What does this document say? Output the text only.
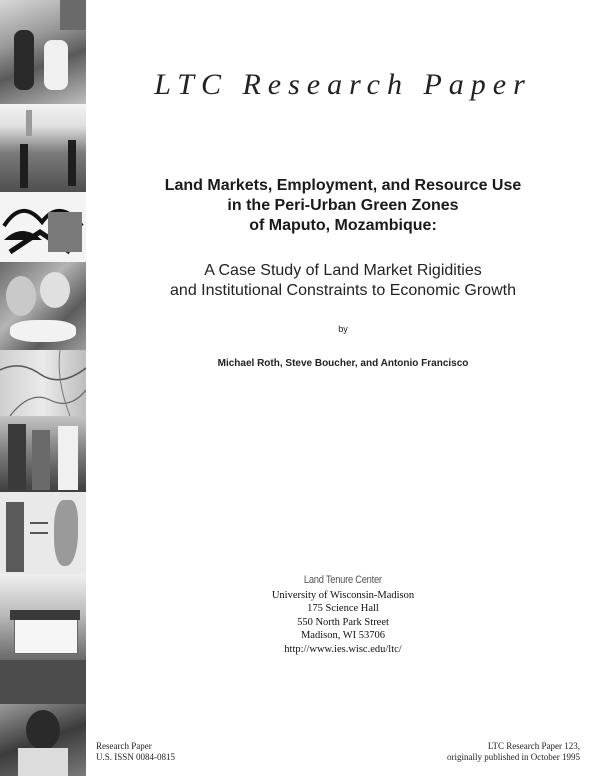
LTC Research Paper
Land Markets, Employment, and Resource Use
in the Peri-Urban Green Zones
of Maputo, Mozambique:
A Case Study of Land Market Rigidities
and Institutional Constraints to Economic Growth
by
Michael Roth, Steve Boucher, and Antonio Francisco
Land Tenure Center
University of Wisconsin-Madison
175 Science Hall
550 North Park Street
Madison, WI 53706
http://www.ies.wisc.edu/ltc/
Research Paper
U.S. ISSN 0084-0815
LTC Research Paper 123,
originally published in October 1995
